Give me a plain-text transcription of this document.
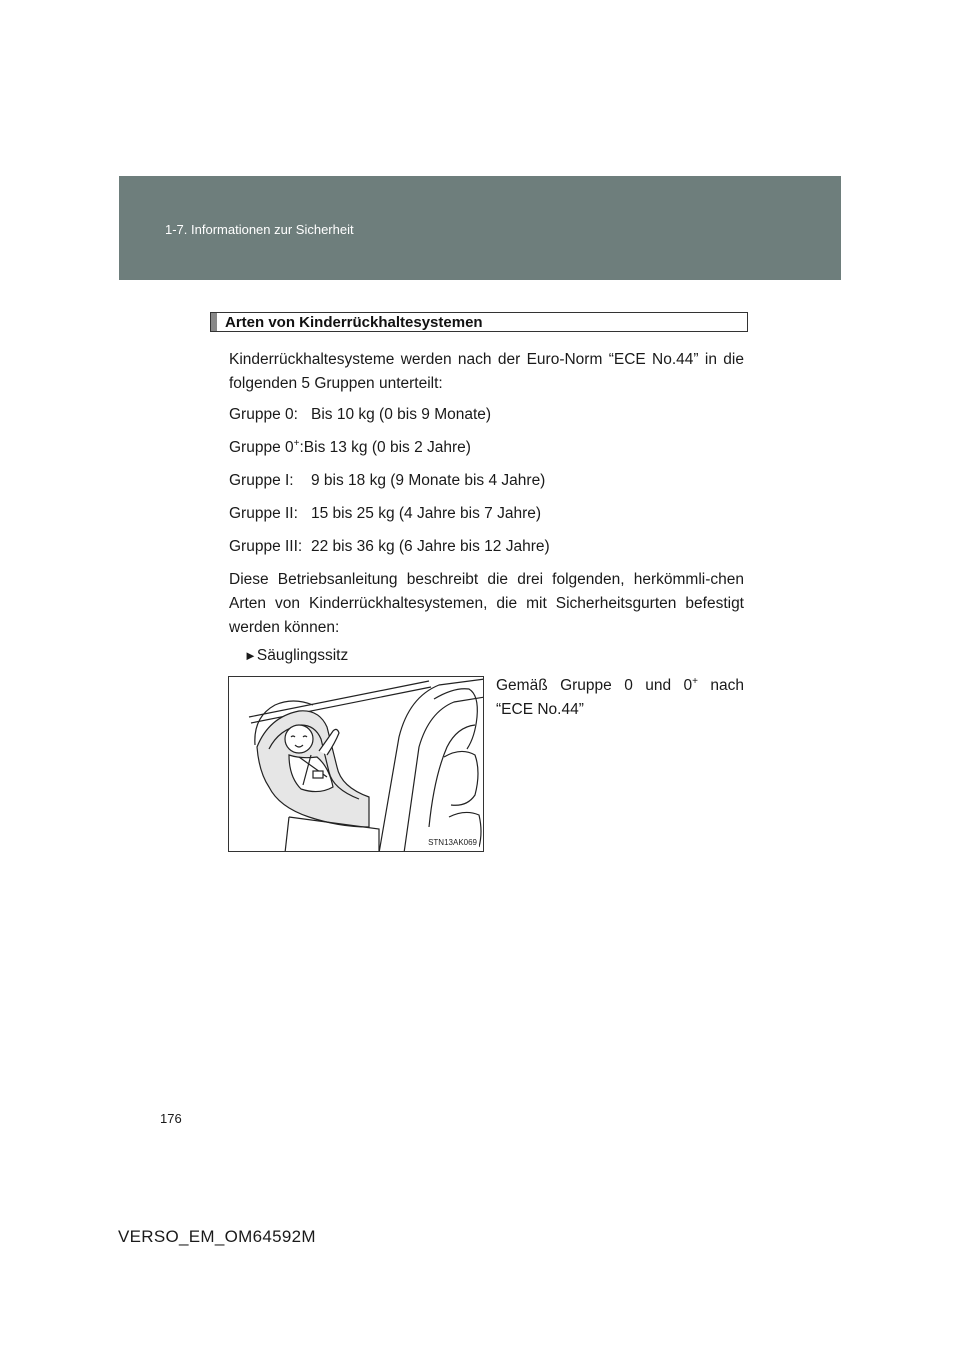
1-7. Informationen zur Sicherheit
Arten von Kinderrückhaltesystemen
Kinderrückhaltesysteme werden nach der Euro-Norm “ECE No.44” in die folgenden 5 Gruppen unterteilt:
Gruppe 0: Bis 10 kg (0 bis 9 Monate)
Gruppe 0+:Bis 13 kg (0 bis 2 Jahre)
Gruppe I: 9 bis 18 kg (9 Monate bis 4 Jahre)
Gruppe II: 15 bis 25 kg (4 Jahre bis 7 Jahre)
Gruppe III: 22 bis 36 kg (6 Jahre bis 12 Jahre)
Diese Betriebsanleitung beschreibt die drei folgenden, herkömmli-chen Arten von Kinderrückhaltesystemen, die mit Sicherheitsgurten befestigt werden können:
►Säuglingssitz
Gemäß Gruppe 0 und 0+ nach “ECE No.44”
STN13AK069
176
VERSO_EM_OM64592M
